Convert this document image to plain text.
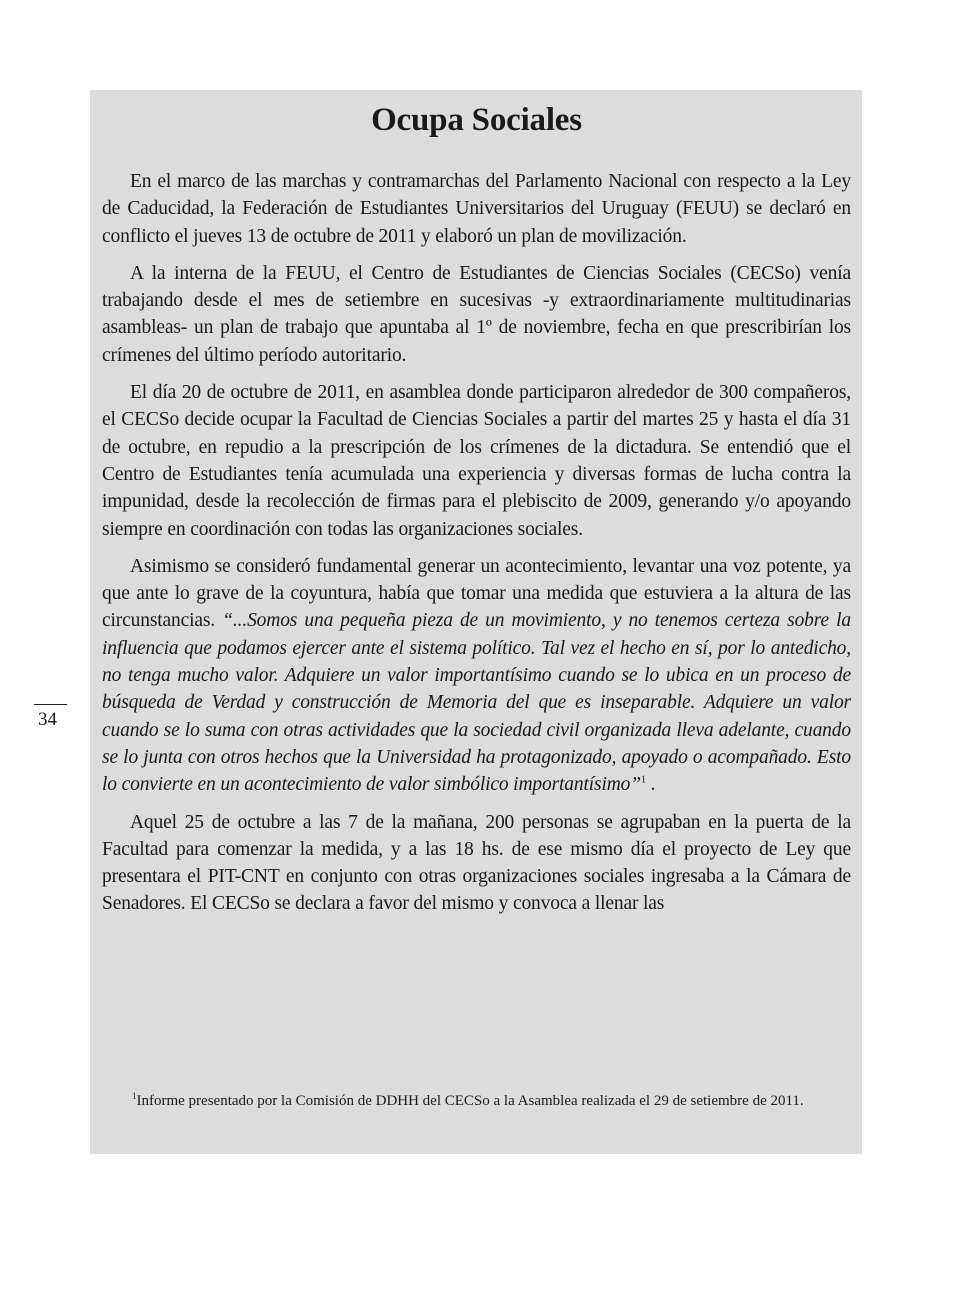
34
Ocupa Sociales

En el marco de las marchas y contramarchas del Parlamento Nacional con respecto a la Ley de Caducidad, la Federación de Estudiantes Universitarios del Uruguay (FEUU) se declaró en conflicto el jueves 13 de octubre de 2011 y elaboró un plan de movilización.

A la interna de la FEUU, el Centro de Estudiantes de Ciencias Sociales (CECSo) venía trabajando desde el mes de setiembre en sucesivas -y extraordinariamente multitudinarias asambleas- un plan de trabajo que apuntaba al 1º de noviembre, fecha en que prescribirían los crímenes del último período autoritario.

El día 20 de octubre de 2011, en asamblea donde participaron alrededor de 300 compañeros, el CECSo decide ocupar la Facultad de Ciencias Sociales a partir del martes 25 y hasta el día 31 de octubre, en repudio a la prescripción de los crímenes de la dictadura. Se entendió que el Centro de Estudiantes tenía acumulada una experiencia y diversas formas de lucha contra la impunidad, desde la recolección de firmas para el plebiscito de 2009, generando y/o apoyando siempre en coordinación con todas las organizaciones sociales.

Asimismo se consideró fundamental generar un acontecimiento, levantar una voz potente, ya que ante lo grave de la coyuntura, había que tomar una medida que estuviera a la altura de las circunstancias. “...Somos una pequeña pieza de un movimiento, y no tenemos certeza sobre la influencia que podamos ejercer ante el sistema político. Tal vez el hecho en sí, por lo antedicho, no tenga mucho valor. Adquiere un valor importantísimo cuando se lo ubica en un proceso de búsqueda de Verdad y construcción de Memoria del que es inseparable. Adquiere un valor cuando se lo suma con otras actividades que la sociedad civil organizada lleva adelante, cuando se lo junta con otros hechos que la Universidad ha protagonizado, apoyado o acompañado. Esto lo convierte en un acontecimiento de valor simbólico importantísimo”$^1$ .

Aquel 25 de octubre a las 7 de la mañana, 200 personas se agrupaban en la puerta de la Facultad para comenzar la medida, y a las 18 hs. de ese mismo día el proyecto de Ley que presentara el PIT-CNT en conjunto con otras organizaciones sociales ingresaba a la Cámara de Senadores. El CECSo se declara a favor del mismo y convoca a llenar las

$^1$Informe presentado por la Comisión de DDHH del CECSo a la Asamblea realizada el 29 de setiembre de 2011.
